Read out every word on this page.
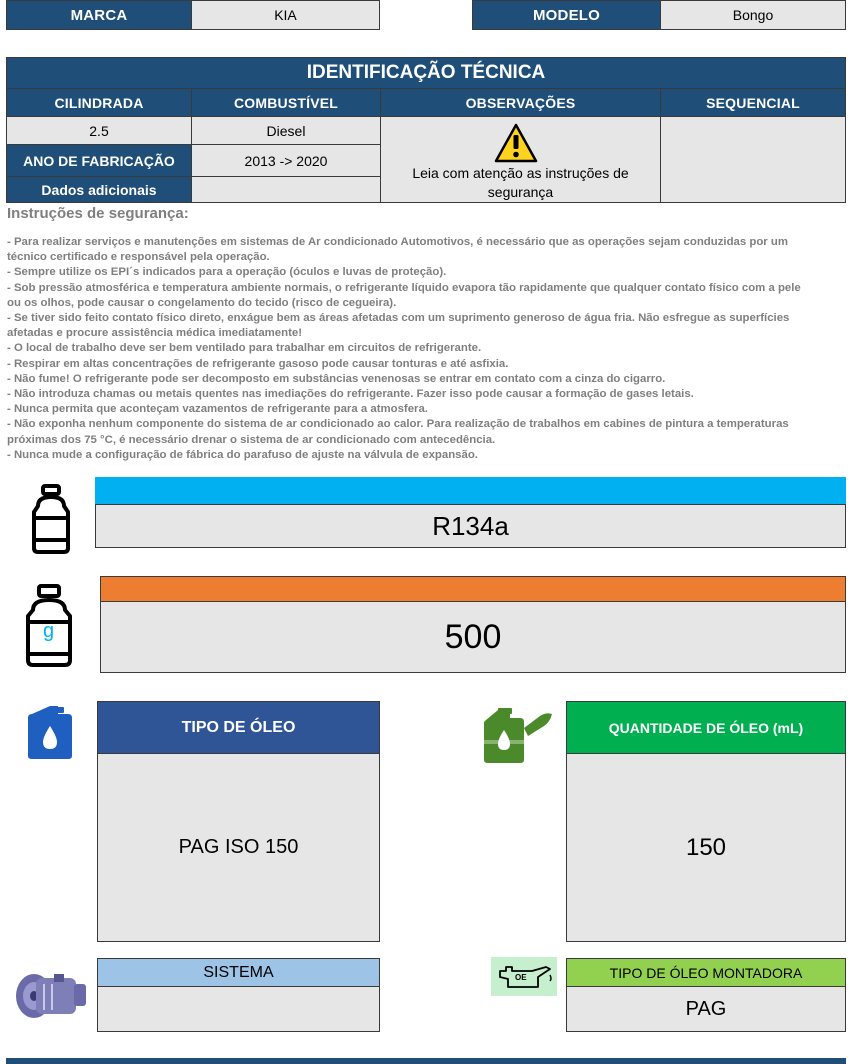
MARCA	KIA	MODELO	Bongo
IDENTIFICAÇÃO TÉCNICA
CILINDRADA	COMBUSTÍVEL	OBSERVAÇÕES	SEQUENCIAL
2.5	Diesel
Leia com atenção as instruções de
segurança
ANO DE FABRICAÇÃO	2013 -> 2020
Dados adicionais
Instruções de segurança:
- Para realizar serviços e manutenções em sistemas de Ar condicionado Automotivos, é necessário que as operações sejam conduzidas por um
técnico certificado e responsável pela operação.
- Sempre utilize os EPI´s indicados para a operação (óculos e luvas de proteção).
- Sob pressão atmosférica e temperatura ambiente normais, o refrigerante líquido evapora tão rapidamente que qualquer contato físico com a pele
ou os olhos, pode causar o congelamento do tecido (risco de cegueira).
- Se tiver sido feito contato físico direto, enxágue bem as áreas afetadas com um suprimento generoso de água fria. Não esfregue as superfícies
afetadas e procure assistência médica imediatamente!
- O local de trabalho deve ser bem ventilado para trabalhar em circuitos de refrigerante.
- Respirar em altas concentrações de refrigerante gasoso pode causar tonturas e até asfixia.
- Não fume! O refrigerante pode ser decomposto em substâncias venenosas se entrar em contato com a cinza do cigarro.
- Não introduza chamas ou metais quentes nas imediações do refrigerante. Fazer isso pode causar a formação de gases letais.
- Nunca permita que aconteçam vazamentos de refrigerante para a atmosfera.
- Não exponha nenhum componente do sistema de ar condicionado ao calor. Para realização de trabalhos em cabines de pintura a temperaturas
próximas dos 75 °C, é necessário drenar o sistema de ar condicionado com antecedência.
- Nunca mude a configuração de fábrica do parafuso de ajuste na válvula de expansão.
R134a
g	500
TIPO DE ÓLEO
PAG ISO 150
QUANTIDADE DE ÓLEO (mL)
150
SISTEMA	OE	TIPO DE ÓLEO MONTADORA
PAG
